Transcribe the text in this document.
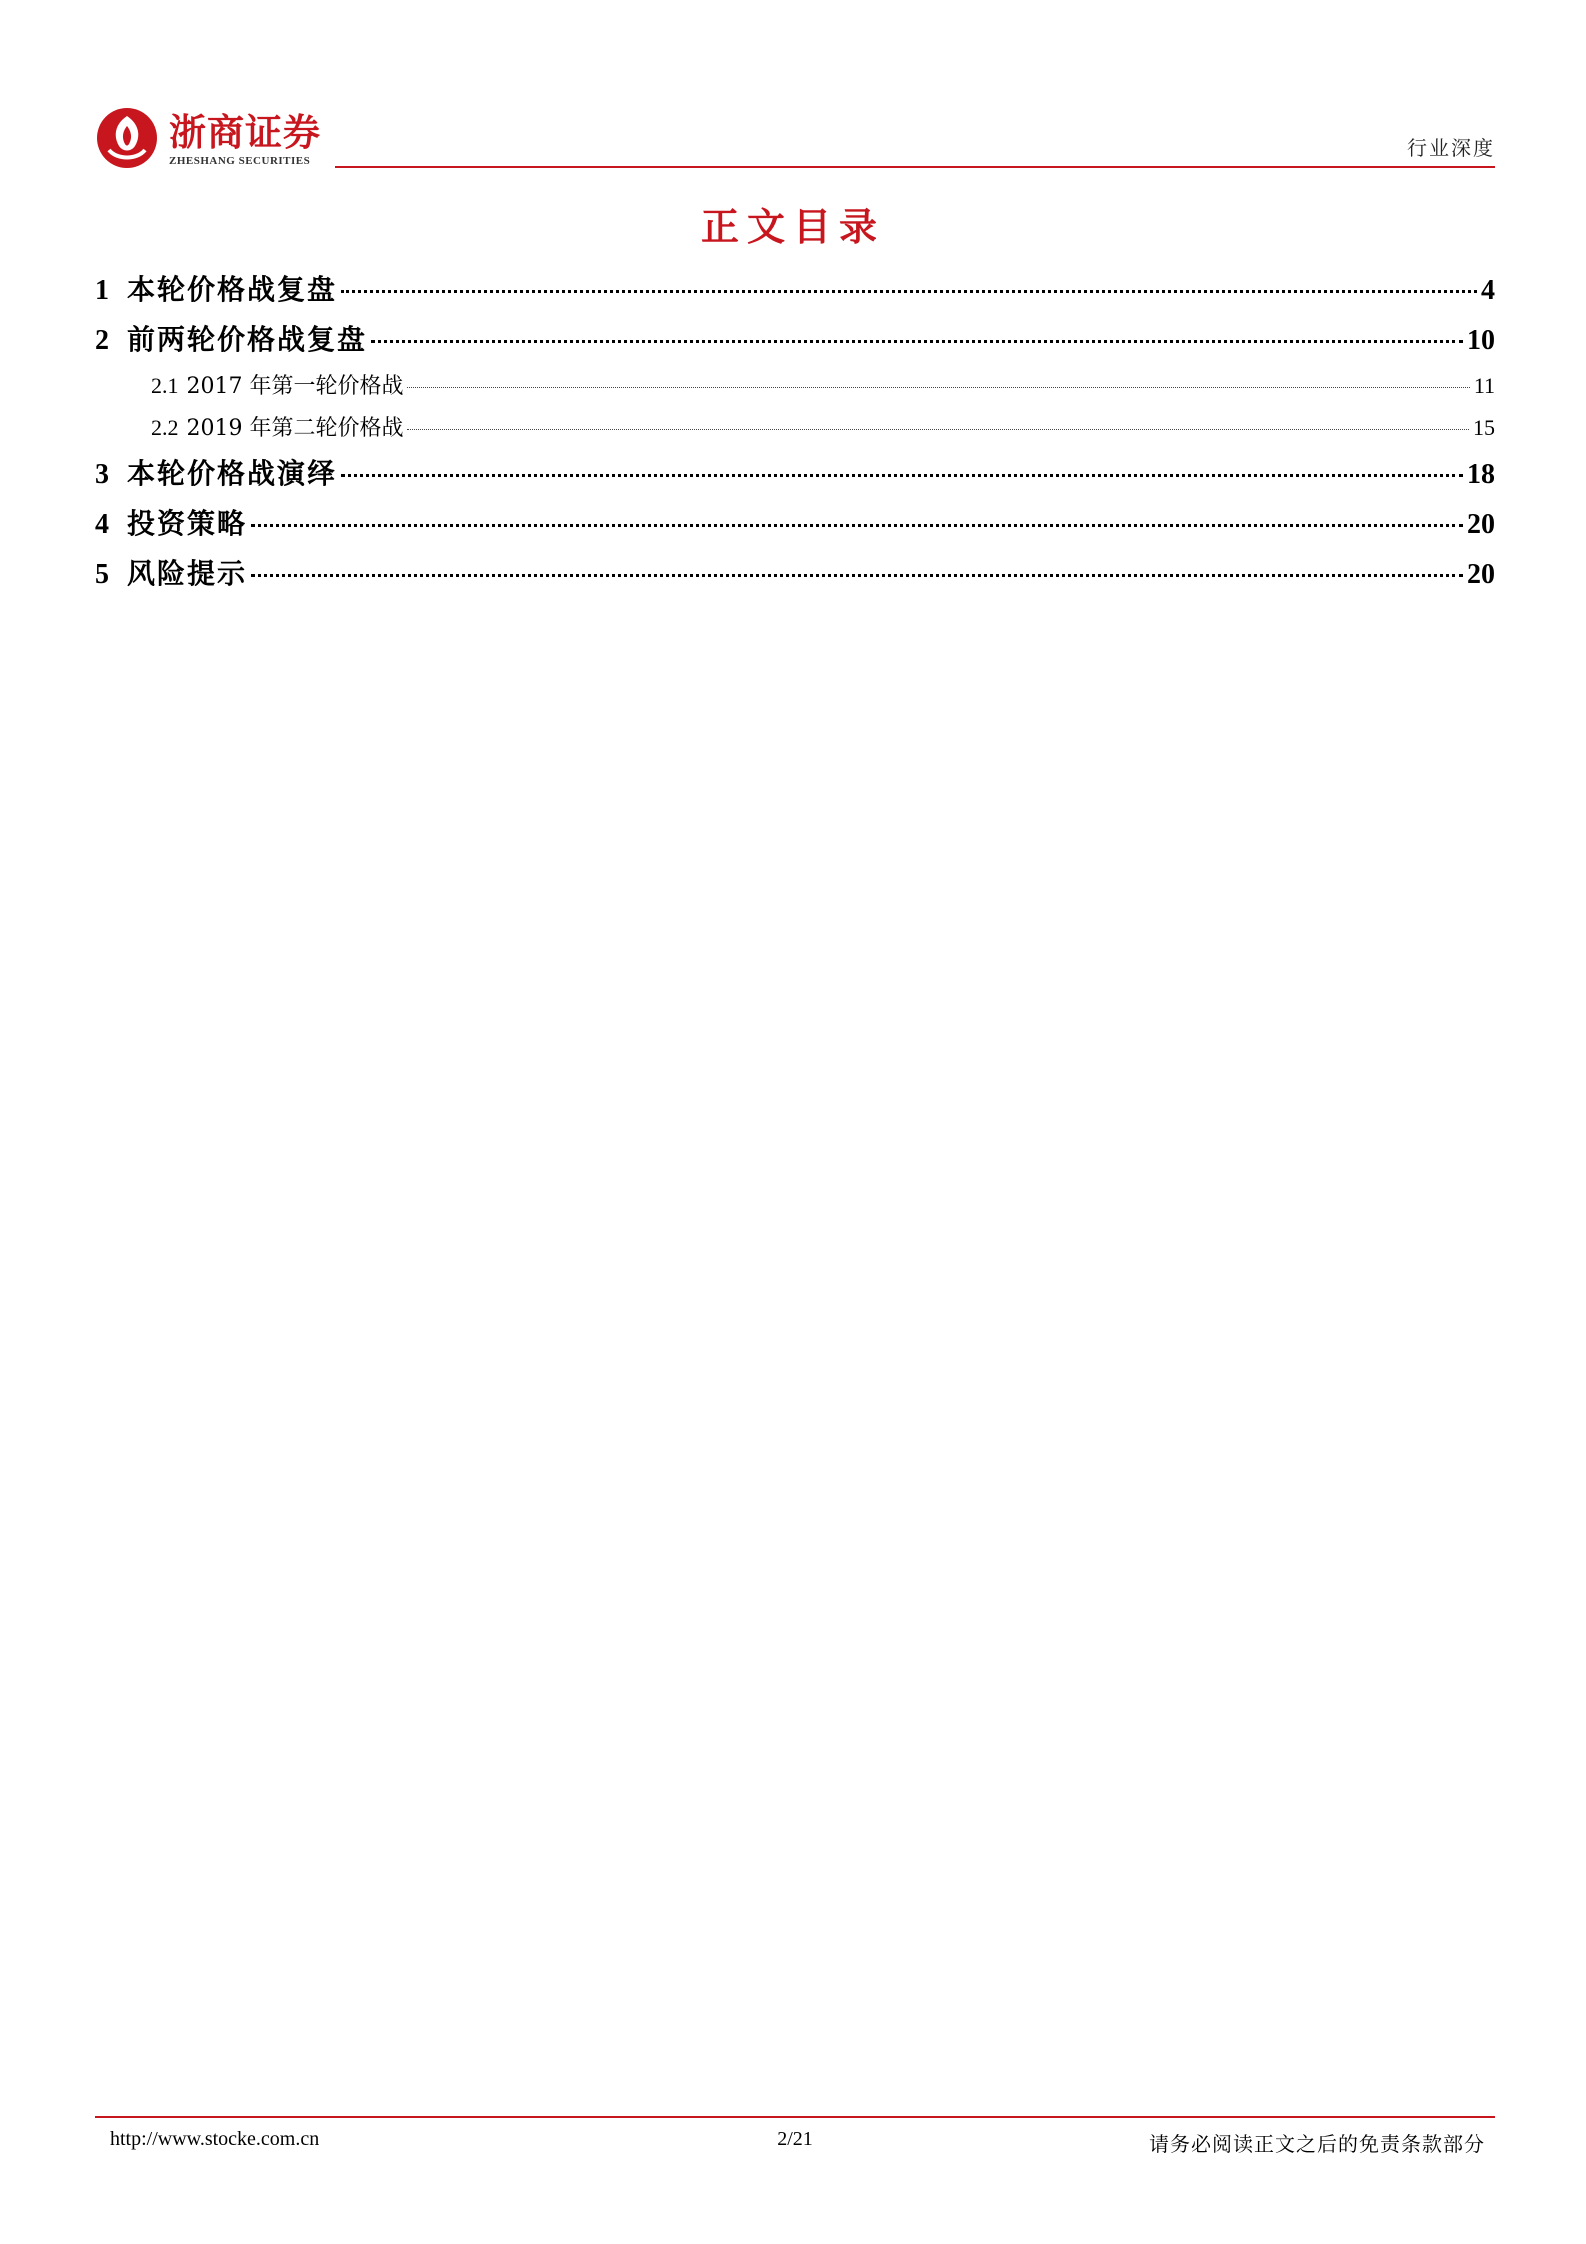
浙商证券
ZHESHANG SECURITIES
行业深度
正文目录
1 本轮价格战复盘	4
2 前两轮价格战复盘	10
2.1 2017 年第一轮价格战	11
2.2 2019 年第二轮价格战	15
3 本轮价格战演绎	18
4 投资策略	20
5 风险提示	20
http://www.stocke.com.cn	2/21	请务必阅读正文之后的免责条款部分
